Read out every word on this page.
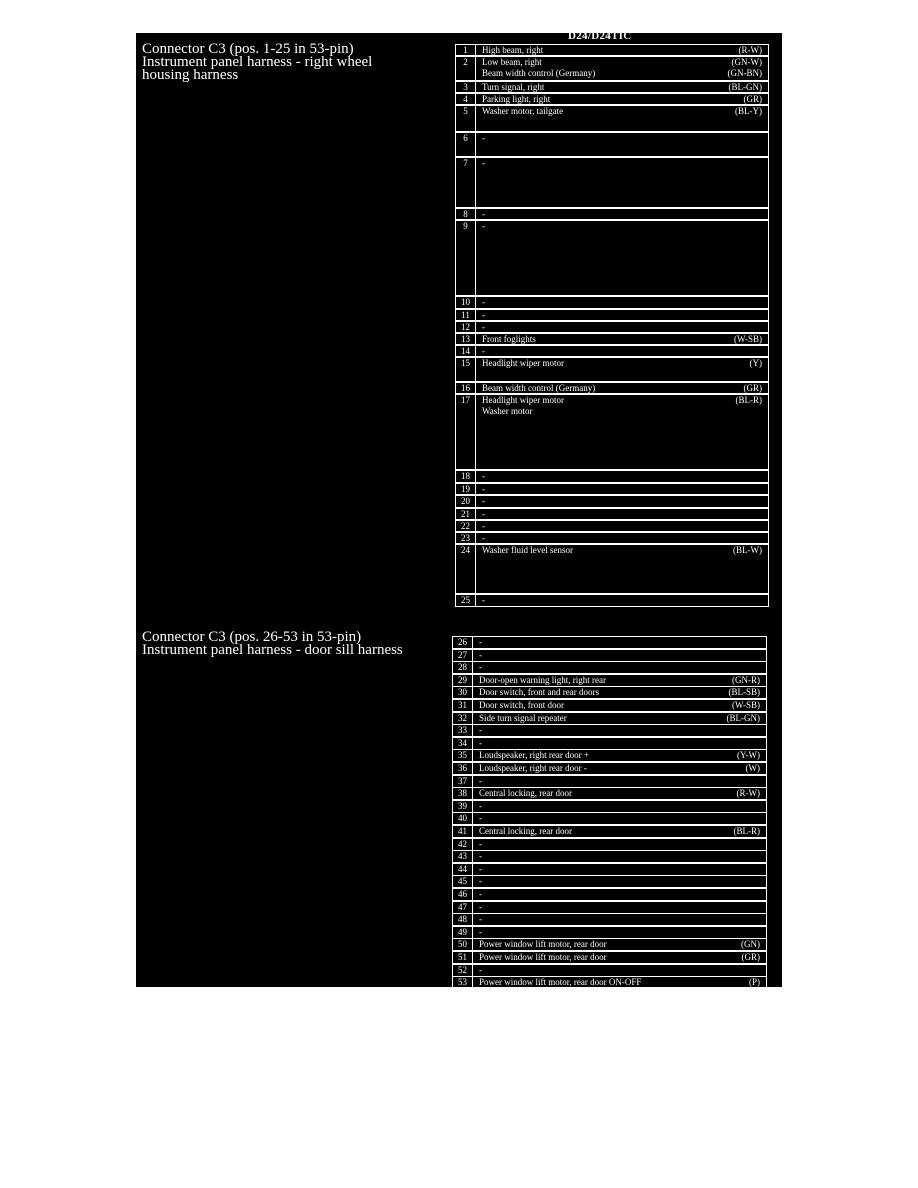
D24/D24TIC
Connector C3 (pos. 1-25 in 53-pin)
Instrument panel harness - right wheel
housing harness
Connector C3 (pos. 26-53 in 53-pin)
Instrument panel harness - door sill harness
1	High beam, right	(R-W)
2	Low beam, right	(GN-W)
Beam width control (Germany)	(GN-BN)
3	Turn signal, right	(BL-GN)
4	Parking light, right	(GR)
5	Washer motor, tailgate	(BL-Y)
6	-
7	-
8	-
9	-
10	-
11	-
12	-
13	Front foglights	(W-SB)
14	-
15	Headlight wiper motor	(Y)
16	Beam width control (Germany)	(GR)
17	Headlight wiper motor	(BL-R)
Washer motor
18	-
19	-
20	-
21	-
22	-
23	-
24	Washer fluid level sensor	(BL-W)
25	-
26	-
27	-
28	-
29	Door-open warning light, right rear	(GN-R)
30	Door switch, front and rear doors	(BL-SB)
31	Door switch, front door	(W-SB)
32	Side turn signal repeater	(BL-GN)
33	-
34	-
35	Loudspeaker, right rear door +	(Y-W)
36	Loudspeaker, right rear door -	(W)
37	-
38	Central locking, rear door	(R-W)
39	-
40	-
41	Central locking, rear door	(BL-R)
42	-
43	-
44	-
45	-
46	-
47	-
48	-
49	-
50	Power window lift motor, rear door	(GN)
51	Power window lift motor, rear door	(GR)
52	-
53	Power window lift motor, rear door ON-OFF	(P)
